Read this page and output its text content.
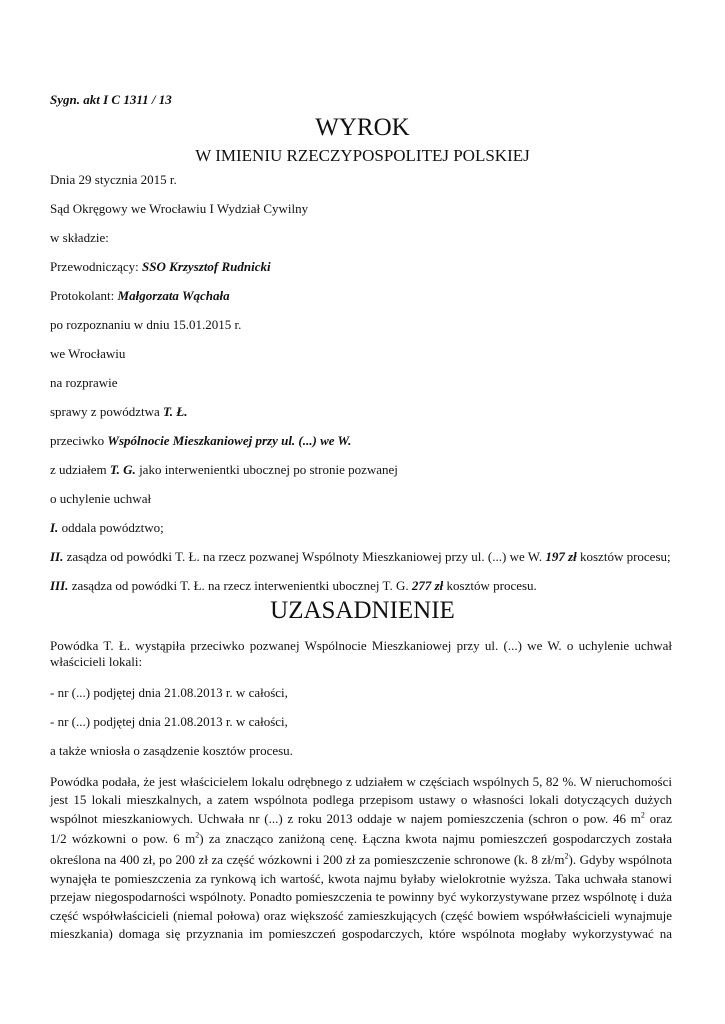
Sygn. akt I C 1311 / 13
WYROK
W IMIENIU RZECZYPOSPOLITEJ POLSKIEJ
Dnia 29 stycznia 2015 r.
Sąd Okręgowy we Wrocławiu I Wydział Cywilny
w składzie:
Przewodniczący: SSO Krzysztof Rudnicki
Protokolant: Małgorzata Wąchała
po rozpoznaniu w dniu 15.01.2015 r.
we Wrocławiu
na rozprawie
sprawy z powództwa T. Ł.
przeciwko Wspólnocie Mieszkaniowej przy ul. (...) we W.
z udziałem T. G. jako interwenientki ubocznej po stronie pozwanej
o uchylenie uchwał
I. oddala powództwo;
II. zasądza od powódki T. Ł. na rzecz pozwanej Wspólnoty Mieszkaniowej przy ul. (...) we W. 197 zł kosztów procesu;
III. zasądza od powódki T. Ł. na rzecz interwenientki ubocznej T. G. 277 zł kosztów procesu.
UZASADNIENIE
Powódka T. Ł. wystąpiła przeciwko pozwanej Wspólnocie Mieszkaniowej przy ul. (...) we W. o uchylenie uchwał
właścicieli lokali:
- nr (...) podjętej dnia 21.08.2013 r. w całości,
- nr (...) podjętej dnia 21.08.2013 r. w całości,
a także wniosła o zasądzenie kosztów procesu.
Powódka podała, że jest właścicielem lokalu odrębnego z udziałem w częściach wspólnych 5, 82 %. W nieruchomości
jest 15 lokali mieszkalnych, a zatem wspólnota podlega przepisom ustawy o własności lokali dotyczących dużych
wspólnot mieszkaniowych. Uchwała nr (...) z roku 2013 oddaje w najem pomieszczenia (schron o pow. 46 $m^2$ oraz
1/2 wózkowni o pow. 6 $m^2$) za znacząco zaniżoną cenę. Łączna kwota najmu pomieszczeń gospodarczych została
określona na 400 zł, po 200 zł za część wózkowni i 200 zł za pomieszczenie schronowe (k. 8 $zł/m^2$). Gdyby wspólnota
wynajęła te pomieszczenia za rynkową ich wartość, kwota najmu byłaby wielokrotnie wyższa. Taka uchwała stanowi
przejaw niegospodarności wspólnoty. Ponadto pomieszczenia te powinny być wykorzystywane przez wspólnotę i duża
część współwłaścicieli (niemal połowa) oraz większość zamieszkujących (część bowiem współwłaścicieli wynajmuje
mieszkania) domaga się przyznania im pomieszczeń gospodarczych, które wspólnota mogłaby wykorzystywać na
